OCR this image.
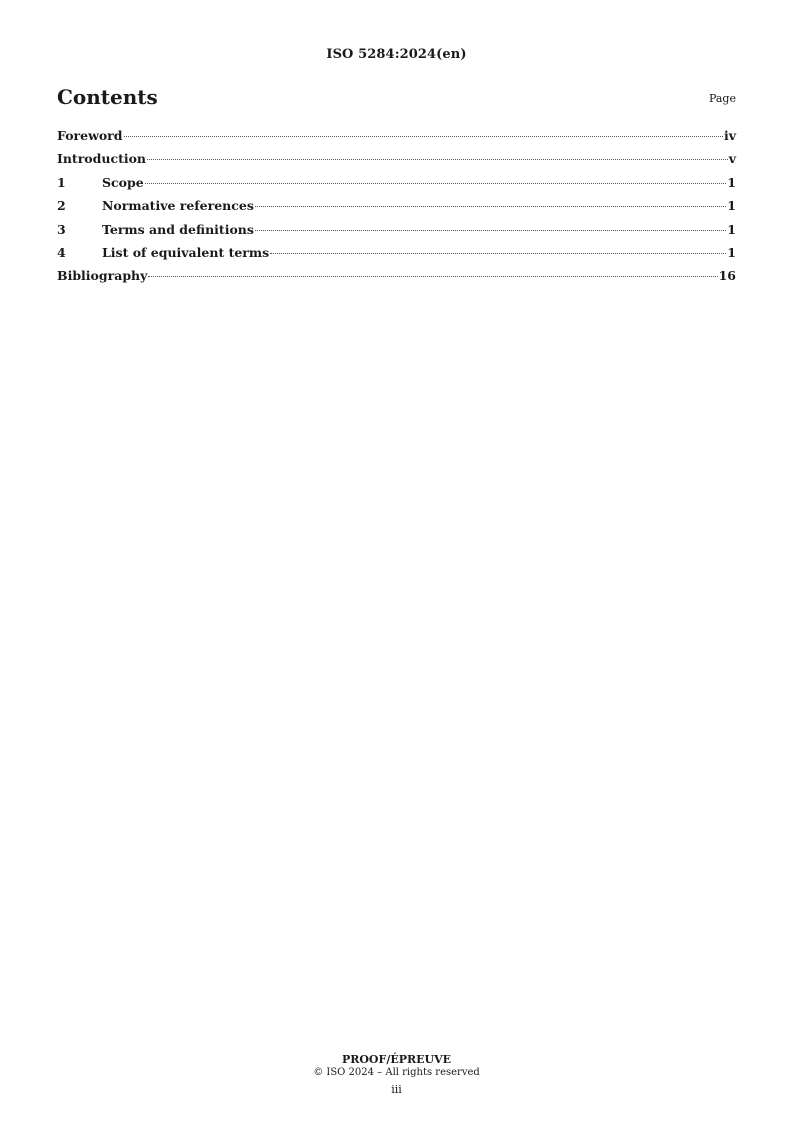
ISO 5284:2024(en)
Contents	Page
Foreword	iv
Introduction	v
1	Scope	1
2	Normative references	1
3	Terms and definitions	1
4	List of equivalent terms	1
Bibliography	16
PROOF/ÉPREUVE
© ISO 2024 – All rights reserved
iii
